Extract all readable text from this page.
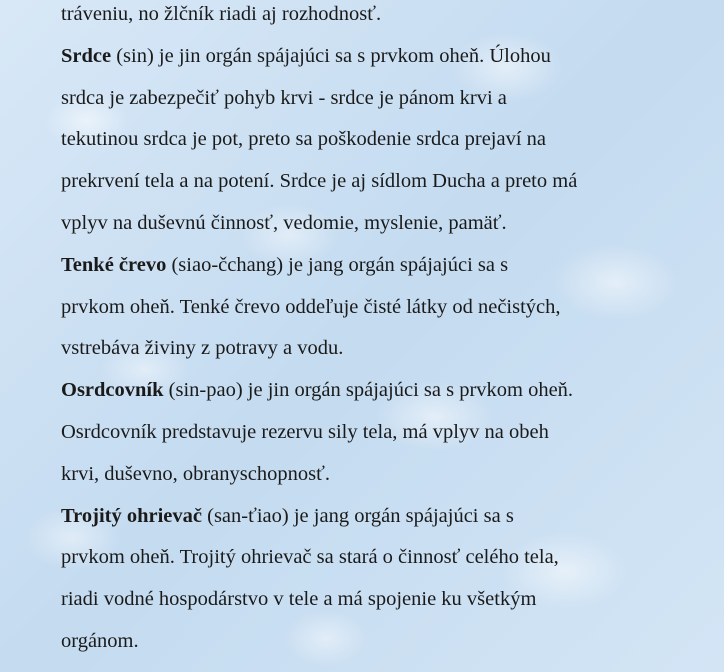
tráveniu, no žlčník riadi aj rozhodnosť.
Srdce (sin) je jin orgán spájajúci sa s prvkom oheň. Úlohou
srdca je zabezpečiť pohyb krvi - srdce je pánom krvi a
tekutinou srdca je pot, preto sa poškodenie srdca prejaví na
prekrvení tela a na potení. Srdce je aj sídlom Ducha a preto má
vplyv na duševnú činnosť, vedomie, myslenie, pamäť.
Tenké črevo (siao-čchang) je jang orgán spájajúci sa s
prvkom oheň. Tenké črevo oddeľuje čisté látky od nečistých,
vstrebáva živiny z potravy a vodu.
Osrdcovník (sin-pao) je jin orgán spájajúci sa s prvkom oheň.
Osrdcovník predstavuje rezervu sily tela, má vplyv na obeh
krvi, duševno, obranyschopnosť.
Trojitý ohrievač (san-ťiao) je jang orgán spájajúci sa s
prvkom oheň. Trojitý ohrievač sa stará o činnosť celého tela,
riadi vodné hospodárstvo v tele a má spojenie ku všetkým
orgánom.
